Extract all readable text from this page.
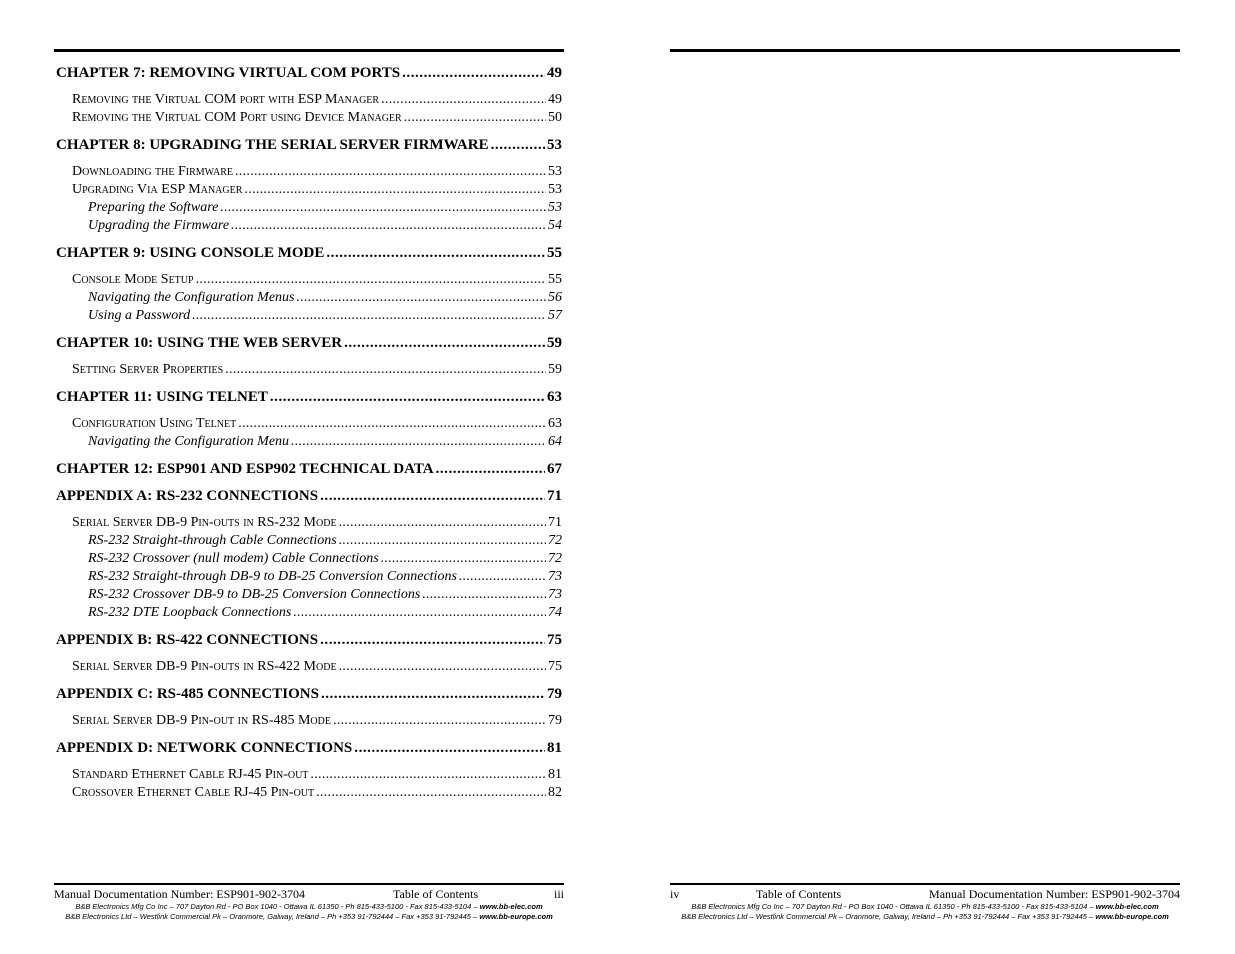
CHAPTER 7: REMOVING VIRTUAL COM PORTS . . .	49
Removing the Virtual COM port with ESP Manager . . .	49
Removing the Virtual COM Port using Device Manager . . .	50
CHAPTER 8: UPGRADING THE SERIAL SERVER FIRMWARE . . .	53
Downloading the Firmware . . .	53
Upgrading Via ESP Manager . . .	53
Preparing the Software . . .	53
Upgrading the Firmware . . .	54
CHAPTER 9: USING CONSOLE MODE . . .	55
Console Mode Setup . . .	55
Navigating the Configuration Menus . . .	56
Using a Password . . .	57
CHAPTER 10: USING THE WEB SERVER . . .	59
Setting Server Properties . . .	59
CHAPTER 11: USING TELNET . . .	63
Configuration Using Telnet . . .	63
Navigating the Configuration Menu . . .	64
CHAPTER 12: ESP901 AND ESP902 TECHNICAL DATA . . .	67
APPENDIX A: RS-232 CONNECTIONS . . .	71
Serial Server DB-9 Pin-outs in RS-232 Mode . . .	71
RS-232 Straight-through Cable Connections . . .	72
RS-232 Crossover (null modem) Cable Connections . . .	72
RS-232 Straight-through DB-9 to DB-25 Conversion Connections . . .	73
RS-232 Crossover DB-9 to DB-25 Conversion Connections . . .	73
RS-232 DTE Loopback Connections . . .	74
APPENDIX B: RS-422 CONNECTIONS . . .	75
Serial Server DB-9 Pin-outs in RS-422 Mode . . .	75
APPENDIX C: RS-485 CONNECTIONS . . .	79
Serial Server DB-9 Pin-out in RS-485 Mode . . .	79
APPENDIX D: NETWORK CONNECTIONS . . .	81
Standard Ethernet Cable RJ-45 Pin-out . . .	81
Crossover Ethernet Cable RJ-45 Pin-out . . .	82
Manual Documentation Number: ESP901-902-3704	Table of Contents	iii
B&B Electronics Mfg Co Inc – 707 Dayton Rd - PO Box 1040 - Ottawa IL 61350 - Ph 815-433-5100 - Fax 815-433-5104 – www.bb-elec.com
B&B Electronics Ltd – Westlink Commercial Pk – Oranmore, Galway, Ireland – Ph +353 91-792444 – Fax +353 91-792445 – www.bb-europe.com
iv	Table of Contents	Manual Documentation Number: ESP901-902-3704
B&B Electronics Mfg Co Inc – 707 Dayton Rd - PO Box 1040 - Ottawa IL 61350 - Ph 815-433-5100 - Fax 815-433-5104 – www.bb-elec.com
B&B Electronics Ltd – Westlink Commercial Pk – Oranmore, Galway, Ireland – Ph +353 91-792444 – Fax +353 91-792445 – www.bb-europe.com
